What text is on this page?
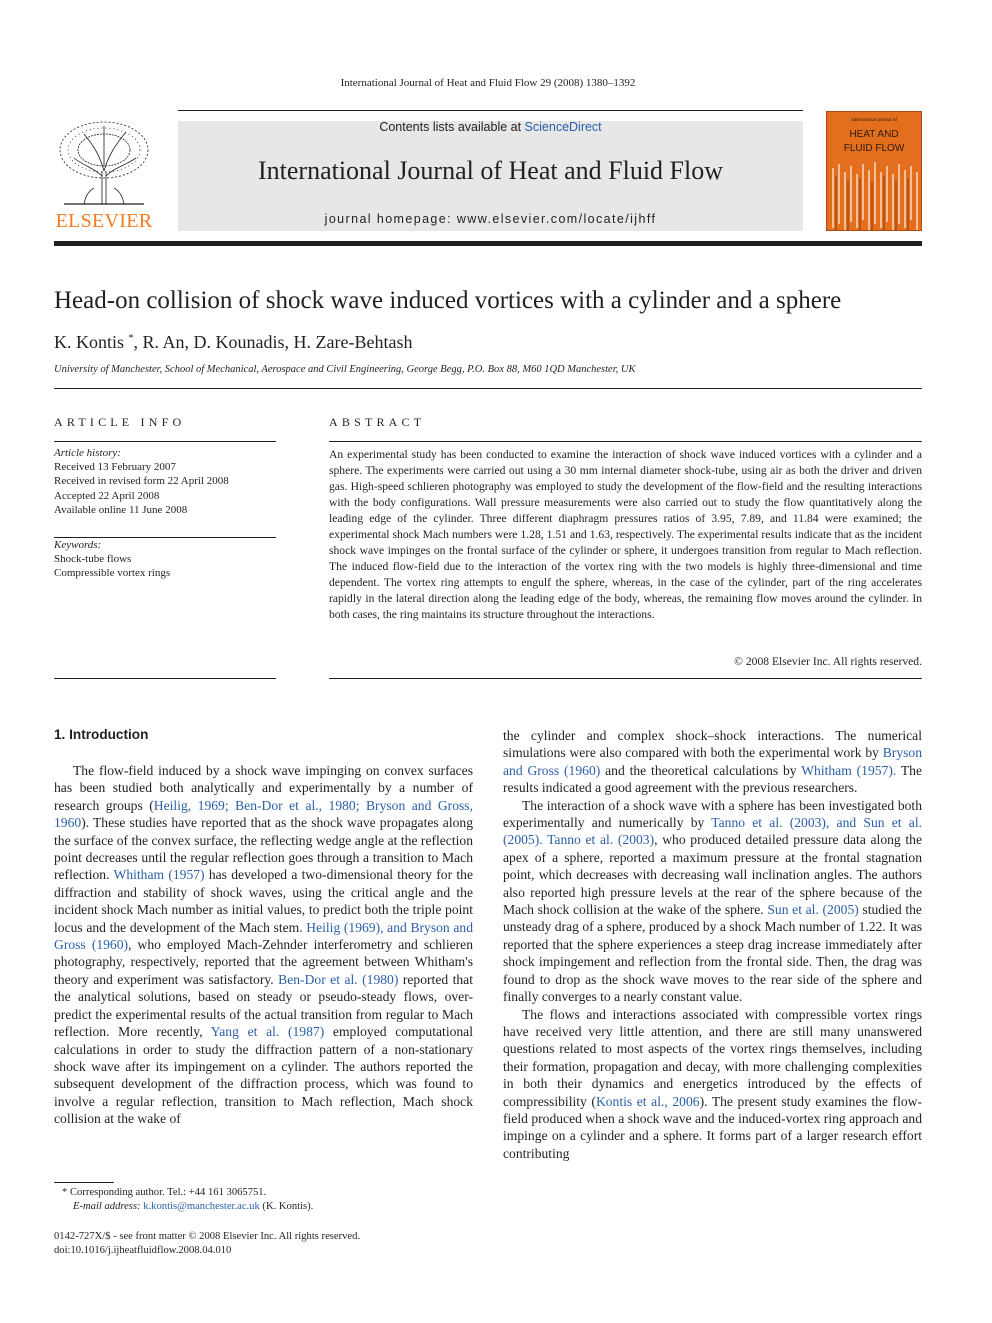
International Journal of Heat and Fluid Flow 29 (2008) 1380–1392
ELSEVIER
Contents lists available at ScienceDirect
International Journal of Heat and Fluid Flow
journal homepage: www.elsevier.com/locate/ijhff
international journal of
HEAT AND
FLUID FLOW
Head-on collision of shock wave induced vortices with a cylinder and a sphere
K. Kontis *, R. An, D. Kounadis, H. Zare-Behtash
University of Manchester, School of Mechanical, Aerospace and Civil Engineering, George Begg, P.O. Box 88, M60 1QD Manchester, UK
ARTICLE INFO	ABSTRACT
Article history:
Received 13 February 2007
Received in revised form 22 April 2008
Accepted 22 April 2008
Available online 11 June 2008
Keywords:
Shock-tube flows
Compressible vortex rings
An experimental study has been conducted to examine the interaction of shock wave induced vortices with a cylinder and a sphere. The experiments were carried out using a 30 mm internal diameter shock-tube, using air as both the driver and driven gas. High-speed schlieren photography was employed to study the development of the flow-field and the resulting interactions with the body configurations. Wall pressure measurements were also carried out to study the flow quantitatively along the leading edge of the cylinder. Three different diaphragm pressures ratios of 3.95, 7.89, and 11.84 were examined; the experimental shock Mach numbers were 1.28, 1.51 and 1.63, respectively. The experimental results indicate that as the incident shock wave impinges on the frontal surface of the cylinder or sphere, it undergoes transition from regular to Mach reflection. The induced flow-field due to the interaction of the vortex ring with the two models is highly three-dimensional and time dependent. The vortex ring attempts to engulf the sphere, whereas, in the case of the cylinder, part of the ring accelerates rapidly in the lateral direction along the leading edge of the body, whereas, the remaining flow moves around the cylinder. In both cases, the ring maintains its structure throughout the interactions.
© 2008 Elsevier Inc. All rights reserved.
1. Introduction

The flow-field induced by a shock wave impinging on convex surfaces has been studied both analytically and experimentally by a number of research groups (Heilig, 1969; Ben-Dor et al., 1980; Bryson and Gross, 1960). These studies have reported that as the shock wave propagates along the surface of the convex surface, the reflecting wedge angle at the reflection point decreases until the regular reflection goes through a transition to Mach reflection. Whitham (1957) has developed a two-dimensional theory for the diffraction and stability of shock waves, using the critical angle and the incident shock Mach number as initial values, to predict both the triple point locus and the development of the Mach stem. Heilig (1969), and Bryson and Gross (1960), who employed Mach-Zehnder interferometry and schlieren photography, respectively, reported that the agreement between Whitham's theory and experiment was satisfactory. Ben-Dor et al. (1980) reported that the analytical solutions, based on steady or pseudo-steady flows, over-predict the experimental results of the actual transition from regular to Mach reflection. More recently, Yang et al. (1987) employed computational calculations in order to study the diffraction pattern of a non-stationary shock wave after its impingement on a cylinder. The authors reported the subsequent development of the diffraction process, which was found to involve a regular reflection, transition to Mach reflection, Mach shock collision at the wake of

the cylinder and complex shock–shock interactions. The numerical simulations were also compared with both the experimental work by Bryson and Gross (1960) and the theoretical calculations by Whitham (1957). The results indicated a good agreement with the previous researchers.

The interaction of a shock wave with a sphere has been investigated both experimentally and numerically by Tanno et al. (2003), and Sun et al. (2005). Tanno et al. (2003), who produced detailed pressure data along the apex of a sphere, reported a maximum pressure at the frontal stagnation point, which decreases with decreasing wall inclination angles. The authors also reported high pressure levels at the rear of the sphere because of the Mach shock collision at the wake of the sphere. Sun et al. (2005) studied the unsteady drag of a sphere, produced by a shock Mach number of 1.22. It was reported that the sphere experiences a steep drag increase immediately after shock impingement and reflection from the frontal side. Then, the drag was found to drop as the shock wave moves to the rear side of the sphere and finally converges to a nearly constant value.

The flows and interactions associated with compressible vortex rings have received very little attention, and there are still many unanswered questions related to most aspects of the vortex rings themselves, including their formation, propagation and decay, with more challenging complexities in both their dynamics and energetics introduced by the effects of compressibility (Kontis et al., 2006). The present study examines the flow-field produced when a shock wave and the induced-vortex ring approach and impinge on a cylinder and a sphere. It forms part of a larger research effort contributing

* Corresponding author. Tel.: +44 161 3065751.
E-mail address: k.kontis@manchester.ac.uk (K. Kontis).
0142-727X/$ - see front matter © 2008 Elsevier Inc. All rights reserved.
doi:10.1016/j.ijheatfluidflow.2008.04.010
